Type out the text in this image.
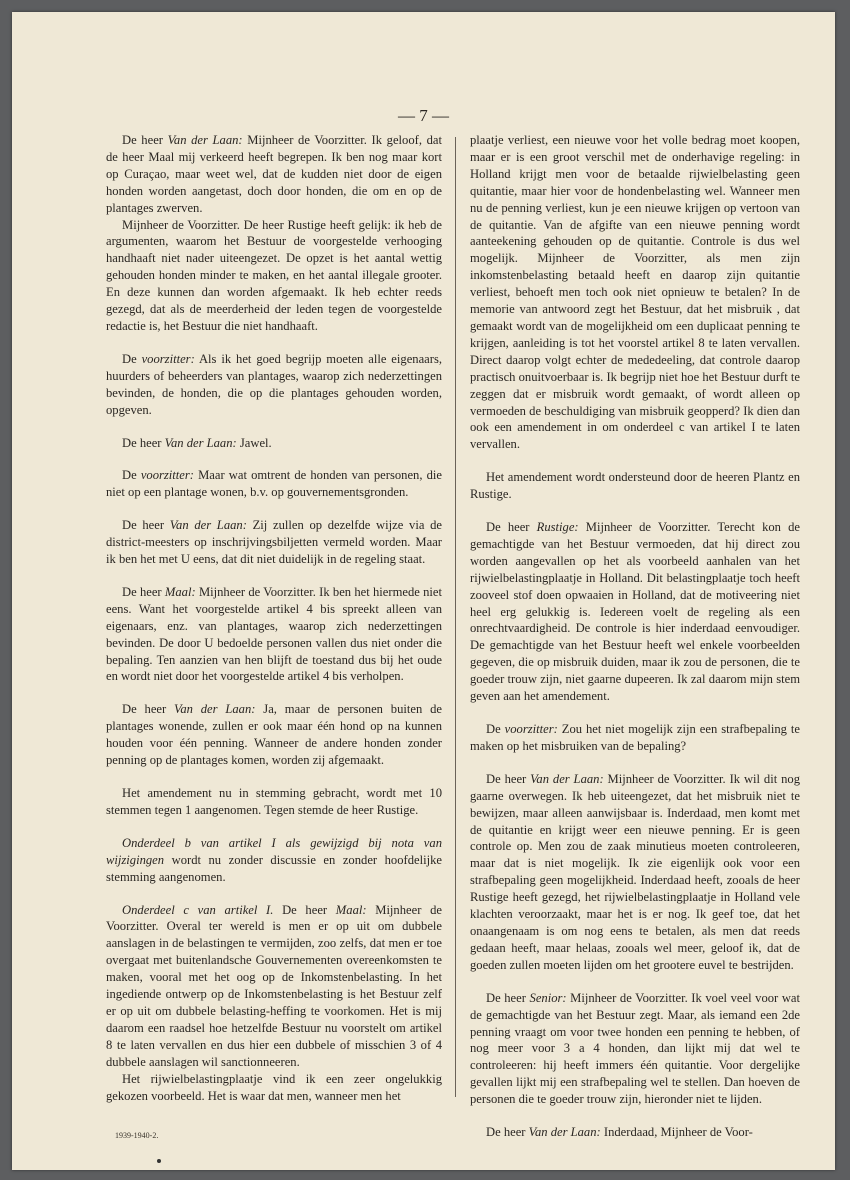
— 7 —

De heer Van der Laan: Mijnheer de Voorzitter. Ik geloof, dat de heer Maal mij verkeerd heeft begrepen. Ik ben nog maar kort op Curaçao, maar weet wel, dat de kudden niet door de eigen honden worden aangetast, doch door honden, die om en op de plantages zwerven.

Mijnheer de Voorzitter. De heer Rustige heeft gelijk: ik heb de argumenten, waarom het Bestuur de voorgestelde verhooging handhaaft niet nader uiteengezet. De opzet is het aantal wettig gehouden honden minder te maken, en het aantal illegale grooter. En deze kunnen dan worden afgemaakt. Ik heb echter reeds gezegd, dat als de meerderheid der leden tegen de voorgestelde redactie is, het Bestuur die niet handhaaft.

De voorzitter: Als ik het goed begrijp moeten alle eigenaars, huurders of beheerders van plantages, waarop zich nederzettingen bevinden, de honden, die op die plantages gehouden worden, opgeven.

De heer Van der Laan: Jawel.

De voorzitter: Maar wat omtrent de honden van personen, die niet op een plantage wonen, b.v. op gouvernementsgronden.

De heer Van der Laan: Zij zullen op dezelfde wijze via de district-meesters op inschrijvingsbiljetten vermeld worden. Maar ik ben het met U eens, dat dit niet duidelijk in de regeling staat.

De heer Maal: Mijnheer de Voorzitter. Ik ben het hiermede niet eens. Want het voorgestelde artikel 4 bis spreekt alleen van eigenaars, enz. van plantages, waarop zich nederzettingen bevinden. De door U bedoelde personen vallen dus niet onder die bepaling. Ten aanzien van hen blijft de toestand dus bij het oude en wordt niet door het voorgestelde artikel 4 bis verholpen.

De heer Van der Laan: Ja, maar de personen buiten de plantages wonende, zullen er ook maar één hond op na kunnen houden voor één penning. Wanneer de andere honden zonder penning op de plantages komen, worden zij afgemaakt.

Het amendement nu in stemming gebracht, wordt met 10 stemmen tegen 1 aangenomen. Tegen stemde de heer Rustige.

Onderdeel b van artikel I als gewijzigd bij nota van wijzigingen wordt nu zonder discussie en zonder hoofdelijke stemming aangenomen.

Onderdeel c van artikel I. De heer Maal: Mijnheer de Voorzitter. Overal ter wereld is men er op uit om dubbele aanslagen in de belastingen te vermijden, zoo zelfs, dat men er toe overgaat met buitenlandsche Gouvernementen overeenkomsten te maken, vooral met het oog op de Inkomstenbelasting. In het ingediende ontwerp op de Inkomstenbelasting is het Bestuur zelf er op uit om dubbele belasting-heffing te voorkomen. Het is mij daarom een raadsel hoe hetzelfde Bestuur nu voorstelt om artikel 8 te laten vervallen en dus hier een dubbele of misschien 3 of 4 dubbele aanslagen wil sanctionneeren.

Het rijwielbelastingplaatje vind ik een zeer ongelukkig gekozen voorbeeld. Het is waar dat men, wanneer men het

plaatje verliest, een nieuwe voor het volle bedrag moet koopen, maar er is een groot verschil met de onderhavige regeling: in Holland krijgt men voor de betaalde rijwielbelasting geen quitantie, maar hier voor de hondenbelasting wel. Wanneer men nu de penning verliest, kun je een nieuwe krijgen op vertoon van de quitantie. Van de afgifte van een nieuwe penning wordt aanteekening gehouden op de quitantie. Controle is dus wel mogelijk. Mijnheer de Voorzitter, als men zijn inkomstenbelasting betaald heeft en daarop zijn quitantie verliest, behoeft men toch ook niet opnieuw te betalen? In de memorie van antwoord zegt het Bestuur, dat het misbruik , dat gemaakt wordt van de mogelijkheid om een duplicaat penning te krijgen, aanleiding is tot het voorstel artikel 8 te laten vervallen. Direct daarop volgt echter de mededeeling, dat controle daarop practisch onuitvoerbaar is. Ik begrijp niet hoe het Bestuur durft te zeggen dat er misbruik wordt gemaakt, of wordt alleen op vermoeden de beschuldiging van misbruik geopperd? Ik dien dan ook een amendement in om onderdeel c van artikel I te laten vervallen.

Het amendement wordt ondersteund door de heeren Plantz en Rustige.

De heer Rustige: Mijnheer de Voorzitter. Terecht kon de gemachtigde van het Bestuur vermoeden, dat hij direct zou worden aangevallen op het als voorbeeld aanhalen van het rijwielbelastingplaatje in Holland. Dit belastingplaatje toch heeft zooveel stof doen opwaaien in Holland, dat de motiveering niet heel erg gelukkig is. Iedereen voelt de regeling als een onrechtvaardigheid. De controle is hier inderdaad eenvoudiger. De gemachtigde van het Bestuur heeft wel enkele voorbeelden gegeven, die op misbruik duiden, maar ik zou de personen, die te goeder trouw zijn, niet gaarne dupeeren. Ik zal daarom mijn stem geven aan het amendement.

De voorzitter: Zou het niet mogelijk zijn een strafbepaling te maken op het misbruiken van de bepaling?

De heer Van der Laan: Mijnheer de Voorzitter. Ik wil dit nog gaarne overwegen. Ik heb uiteengezet, dat het misbruik niet te bewijzen, maar alleen aanwijsbaar is. Inderdaad, men komt met de quitantie en krijgt weer een nieuwe penning. Er is geen controle op. Men zou de zaak minutieus moeten controleeren, maar dat is niet mogelijk. Ik zie eigenlijk ook voor een strafbepaling geen mogelijkheid. Inderdaad heeft, zooals de heer Rustige heeft gezegd, het rijwielbelastingplaatje in Holland vele klachten veroorzaakt, maar het is er nog. Ik geef toe, dat het onaangenaam is om nog eens te betalen, als men dat reeds gedaan heeft, maar helaas, zooals wel meer, geloof ik, dat de goeden zullen moeten lijden om het grootere euvel te bestrijden.

De heer Senior: Mijnheer de Voorzitter. Ik voel veel voor wat de gemachtigde van het Bestuur zegt. Maar, als iemand een 2de penning vraagt om voor twee honden een penning te hebben, of nog meer voor 3 a 4 honden, dan lijkt mij dat wel te controleeren: hij heeft immers één quitantie. Voor dergelijke gevallen lijkt mij een strafbepaling wel te stellen. Dan hoeven de personen die te goeder trouw zijn, hieronder niet te lijden.

De heer Van der Laan: Inderdaad, Mijnheer de Voor-

1939-1940-2.
